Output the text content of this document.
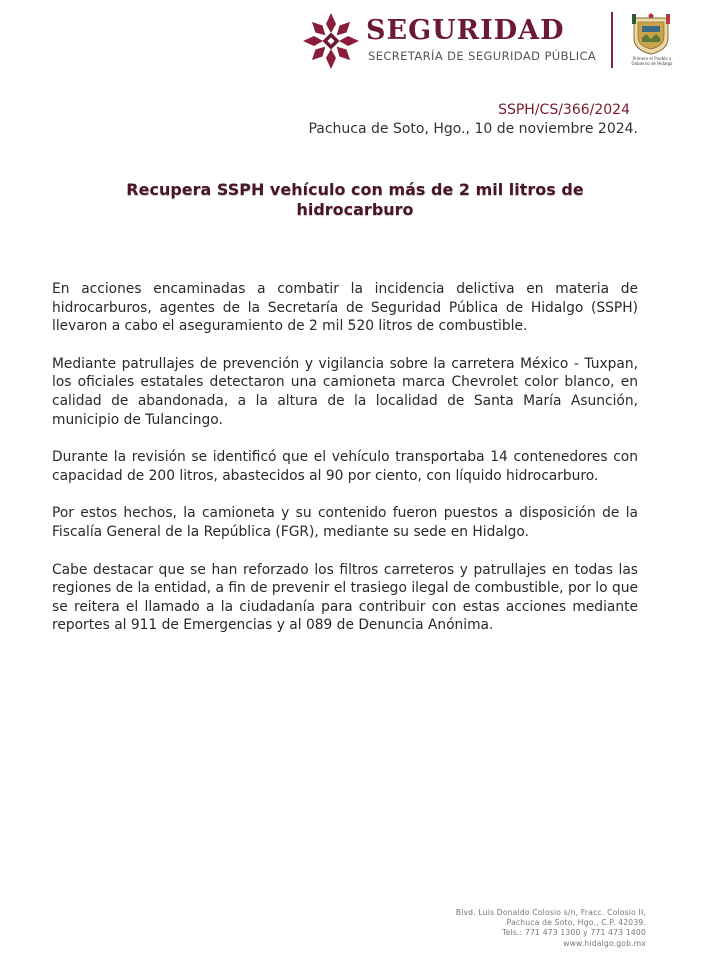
SEGURIDAD
SECRETARÍA DE SEGURIDAD PÚBLICA	Primero el Pueblo y Gobierno de Hidalgo
SSPH/CS/366/2024
Pachuca de Soto, Hgo., 10 de noviembre 2024.
Recupera SSPH vehículo con más de 2 mil litros de hidrocarburo

En acciones encaminadas a combatir la incidencia delictiva en materia de hidrocarburos, agentes de la Secretaría de Seguridad Pública de Hidalgo (SSPH) llevaron a cabo el aseguramiento de 2 mil 520 litros de combustible.

Mediante patrullajes de prevención y vigilancia sobre la carretera México - Tuxpan, los oficiales estatales detectaron una camioneta marca Chevrolet color blanco, en calidad de abandonada, a la altura de la localidad de Santa María Asunción, municipio de Tulancingo.

Durante la revisión se identificó que el vehículo transportaba 14 contenedores con capacidad de 200 litros, abastecidos al 90 por ciento, con líquido hidrocarburo.

Por estos hechos, la camioneta y su contenido fueron puestos a disposición de la Fiscalía General de la República (FGR), mediante su sede en Hidalgo.

Cabe destacar que se han reforzado los filtros carreteros y patrullajes en todas las regiones de la entidad, a fin de prevenir el trasiego ilegal de combustible, por lo que se reitera el llamado a la ciudadanía para contribuir con estas acciones mediante reportes al 911 de Emergencias y al 089 de Denuncia Anónima.

Blvd. Luis Donaldo Colosio s/n, Fracc. Colosio II,
Pachuca de Soto, Hgo., C.P. 42039.
Tels.: 771 473 1300 y 771 473 1400
www.hidalgo.gob.mx
